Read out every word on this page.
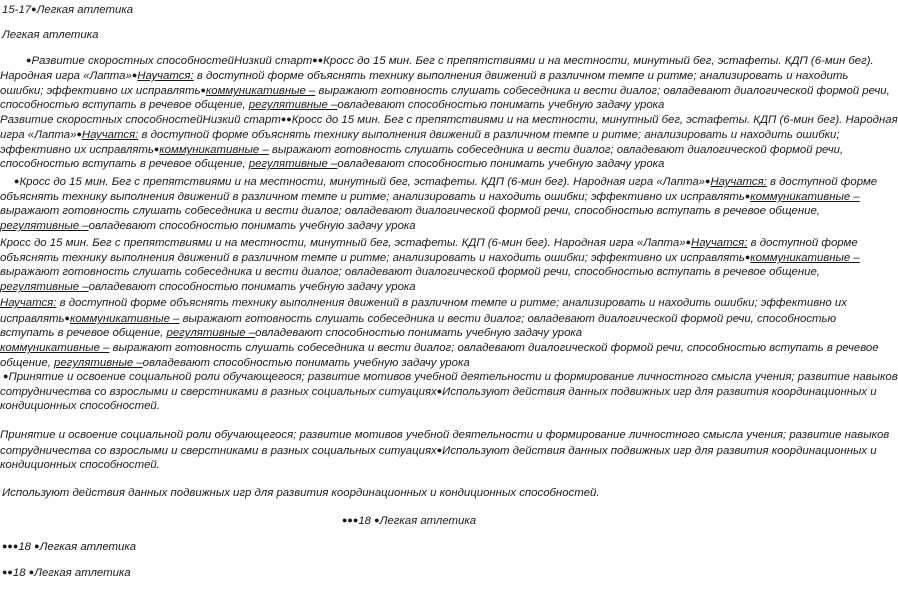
15-17●Легкая атлетика
Легкая атлетика
●Развитие скоростных способностейНизкий старт●●Кросс до 15 мин. Бег с препятствиями и на местности, минутный бег, эстафеты. КДП (6-мин бег).
Народная игра «Лапта»●Научатся: в доступной форме объяснять технику выполнения движений в различном темпе и ритме; анализировать и находить
ошибки; эффективно их исправлять●коммуникативные – выражают готовность слушать собеседника и вести диалог; овладевают диалогической формой речи,
способностью вступать в речевое общение, регулятивные –овладевают способностью понимать учебную задачу урока
Развитие скоростных способностейНизкий старт●●Кросс до 15 мин. Бег с препятствиями и на местности, минутный бег, эстафеты. КДП (6-мин бег). Народная
игра «Лапта»●Научатся: в доступной форме объяснять технику выполнения движений в различном темпе и ритме; анализировать и находить ошибки;
эффективно их исправлять●коммуникативные – выражают готовность слушать собеседника и вести диалог; овладевают диалогической формой речи,
способностью вступать в речевое общение, регулятивные –овладевают способностью понимать учебную задачу урока
●Кросс до 15 мин. Бег с препятствиями и на местности, минутный бег, эстафеты. КДП (6-мин бег). Народная игра «Лапта»●Научатся: в доступной форме
объяснять технику выполнения движений в различном темпе и ритме; анализировать и находить ошибки; эффективно их исправлять●коммуникативные –
выражают готовность слушать собеседника и вести диалог; овладевают диалогической формой речи, способностью вступать в речевое общение,
регулятивные –овладевают способностью понимать учебную задачу урока
Кросс до 15 мин. Бег с препятствиями и на местности, минутный бег, эстафеты. КДП (6-мин бег). Народная игра «Лапта»●Научатся: в доступной форме
объяснять технику выполнения движений в различном темпе и ритме; анализировать и находить ошибки; эффективно их исправлять●коммуникативные –
выражают готовность слушать собеседника и вести диалог; овладевают диалогической формой речи, способностью вступать в речевое общение,
регулятивные –овладевают способностью понимать учебную задачу урока
Научатся: в доступной форме объяснять технику выполнения движений в различном темпе и ритме; анализировать и находить ошибки; эффективно их
исправлять●коммуникативные – выражают готовность слушать собеседника и вести диалог; овладевают диалогической формой речи, способностью
вступать в речевое общение, регулятивные –овладевают способностью понимать учебную задачу урока
коммуникативные – выражают готовность слушать собеседника и вести диалог; овладевают диалогической формой речи, способностью вступать в речевое
общение, регулятивные –овладевают способностью понимать учебную задачу урока
●Принятие и освоение социальной роли обучающегося; развитие мотивов учебной деятельности и формирование личностного смысла учения; развитие навыков
сотрудничества со взрослыми и сверстниками в разных социальных ситуациях●Используют действия данных подвижных игр для развития координационных и
кондиционных способностей.
Принятие и освоение социальной роли обучающегося; развитие мотивов учебной деятельности и формирование личностного смысла учения; развитие навыков
сотрудничества со взрослыми и сверстниками в разных социальных ситуациях●Используют действия данных подвижных игр для развития координационных и
кондиционных способностей.
Используют действия данных подвижных игр для развития координационных и кондиционных способностей.
●●●18 ●Легкая атлетика
●●●18 ●Легкая атлетика
●●18 ●Легкая атлетика
